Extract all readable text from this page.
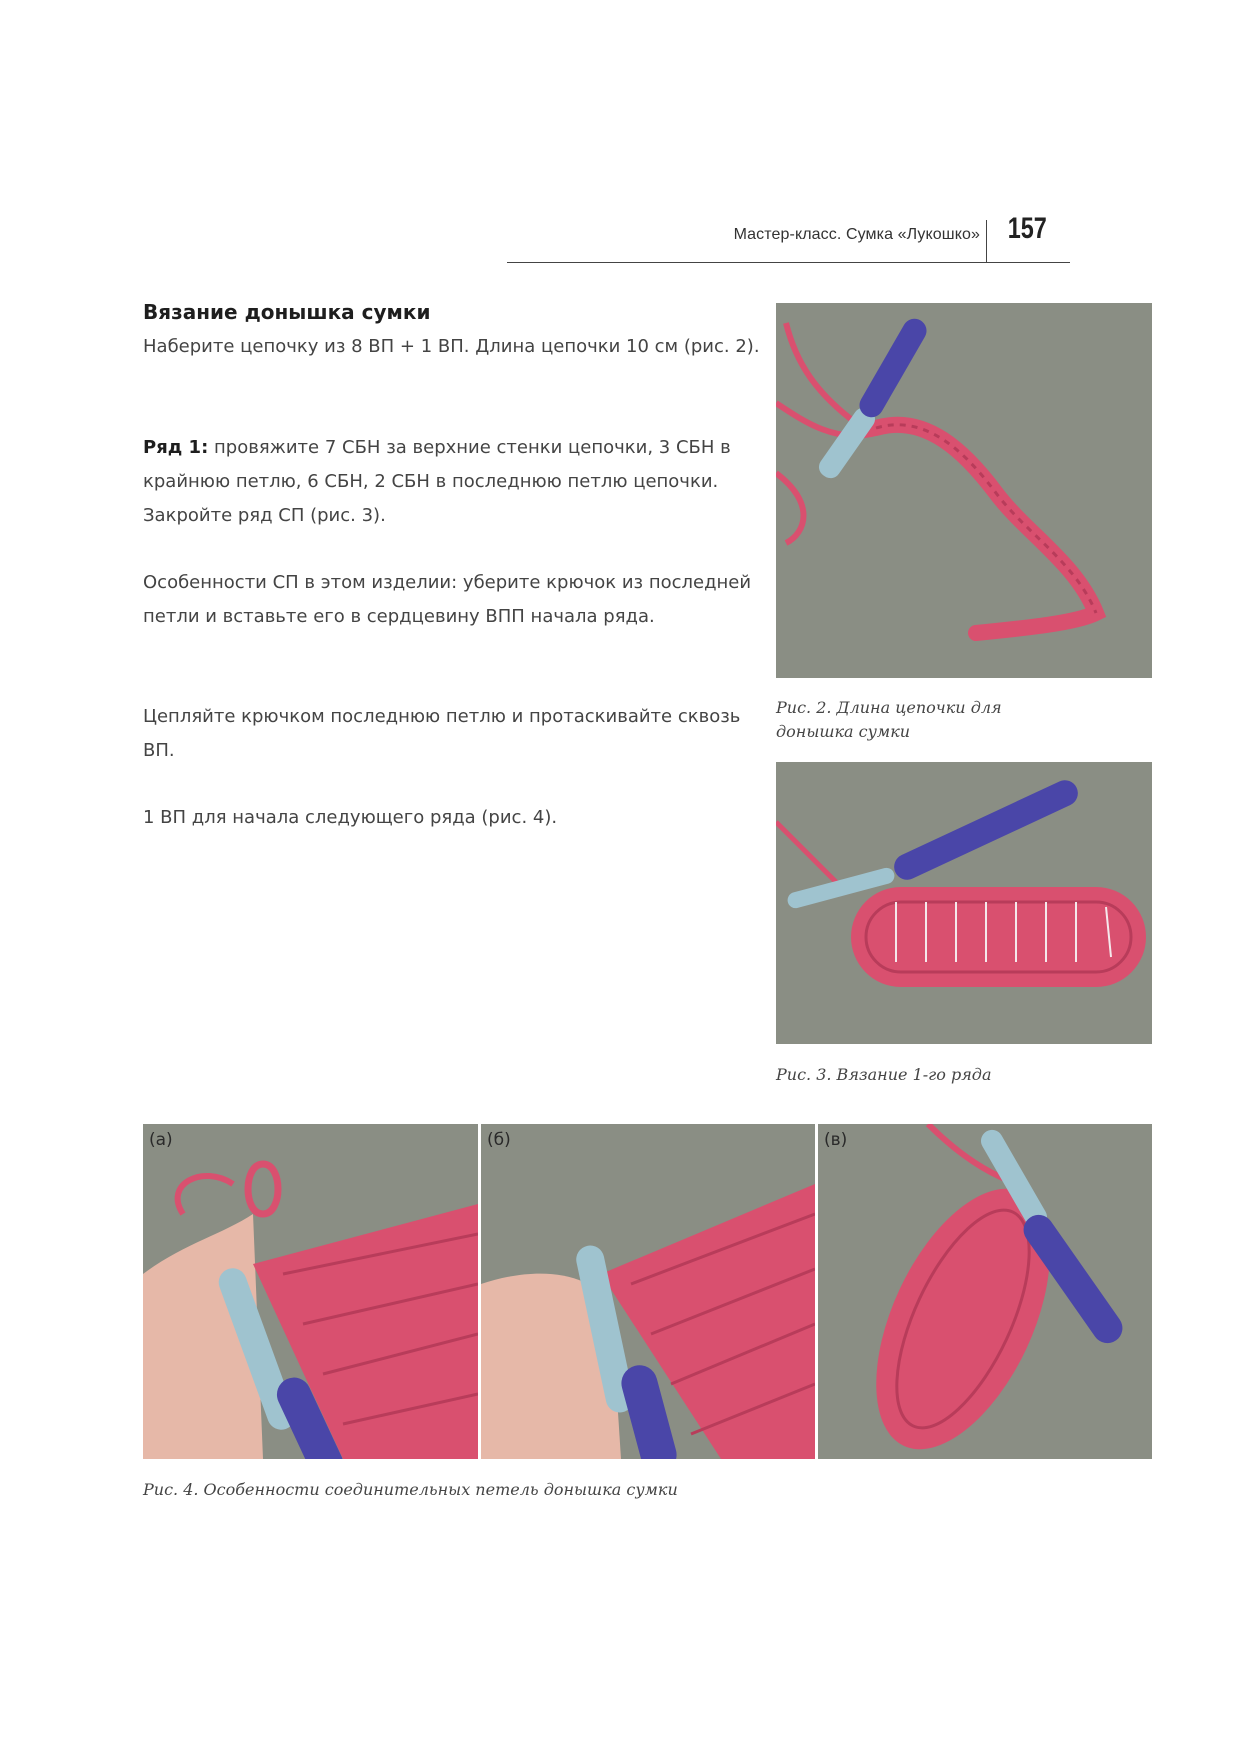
Мастер-класс. Сумка «Лукошко» 157
Вязание донышка сумки

Наберите цепочку из 8 ВП + 1 ВП. Длина цепочки 10 см (рис. 2).

Ряд 1: провяжите 7 СБН за верхние стенки цепочки, 3 СБН в крайнюю петлю, 6 СБН, 2 СБН в последнюю петлю цепочки. Закройте ряд СП (рис. 3).

Особенности СП в этом изделии: уберите крючок из последней петли и вставьте его в сердцевину ВПП начала ряда.

Цепляйте крючком последнюю петлю и протаскивайте сквозь ВП.

1 ВП для начала следующего ряда (рис. 4).

Рис. 2. Длина цепочки для донышка сумки

Рис. 3. Вязание 1-го ряда

(а)	(б)	(в)

Рис. 4. Особенности соединительных петель донышка сумки
